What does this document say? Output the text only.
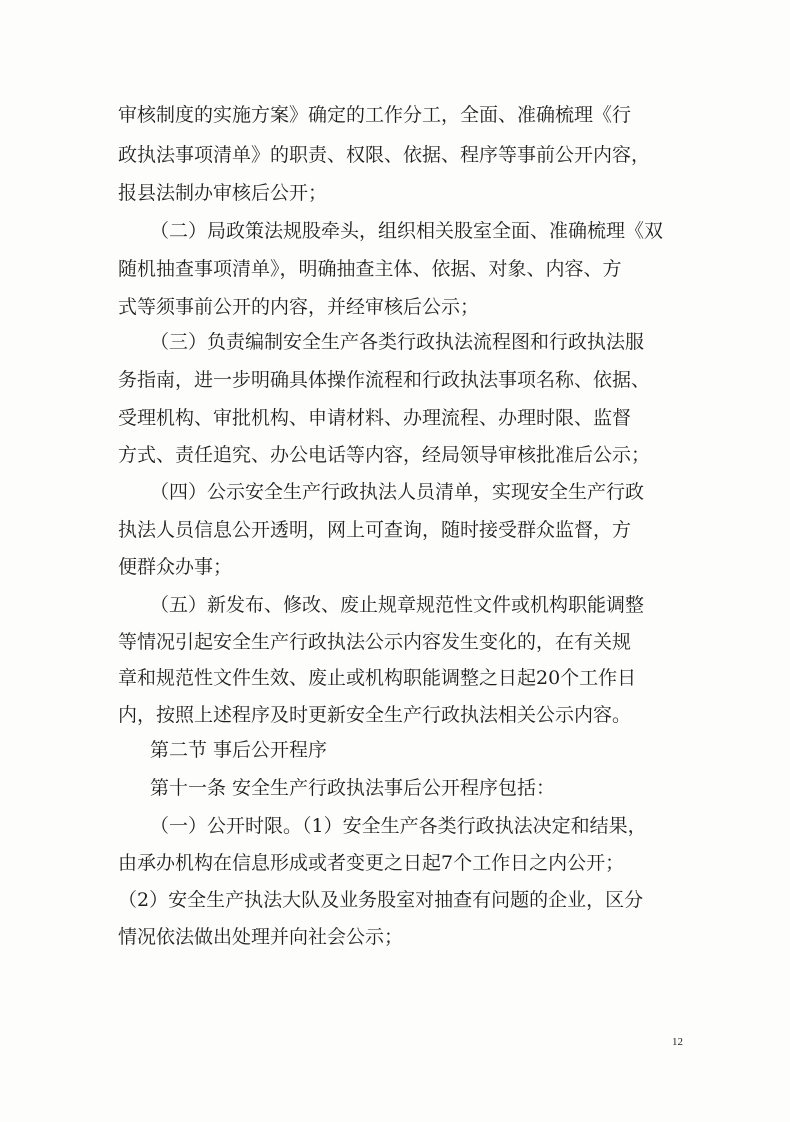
审核制度的实施方案》确定的工作分工，全面、准确梳理《行

政执法事项清单》的职责、权限、依据、程序等事前公开内容，

报县法制办审核后公开；

（二）局政策法规股牵头，组织相关股室全面、准确梳理《双

随机抽查事项清单》，明确抽查主体、依据、对象、内容、方

式等须事前公开的内容，并经审核后公示；

（三）负责编制安全生产各类行政执法流程图和行政执法服

务指南，进一步明确具体操作流程和行政执法事项名称、依据、

受理机构、审批机构、申请材料、办理流程、办理时限、监督

方式、责任追究、办公电话等内容，经局领导审核批准后公示；

（四）公示安全生产行政执法人员清单，实现安全生产行政

执法人员信息公开透明，网上可查询，随时接受群众监督，方

便群众办事；

（五）新发布、修改、废止规章规范性文件或机构职能调整

等情况引起安全生产行政执法公示内容发生变化的，在有关规

章和规范性文件生效、废止或机构职能调整之日起20个工作日

内，按照上述程序及时更新安全生产行政执法相关公示内容。

第二节 事后公开程序

第十一条 安全生产行政执法事后公开程序包括：

（一）公开时限。（1）安全生产各类行政执法决定和结果，

由承办机构在信息形成或者变更之日起7个工作日之内公开；

（2）安全生产执法大队及业务股室对抽查有问题的企业，区分

情况依法做出处理并向社会公示；

12
